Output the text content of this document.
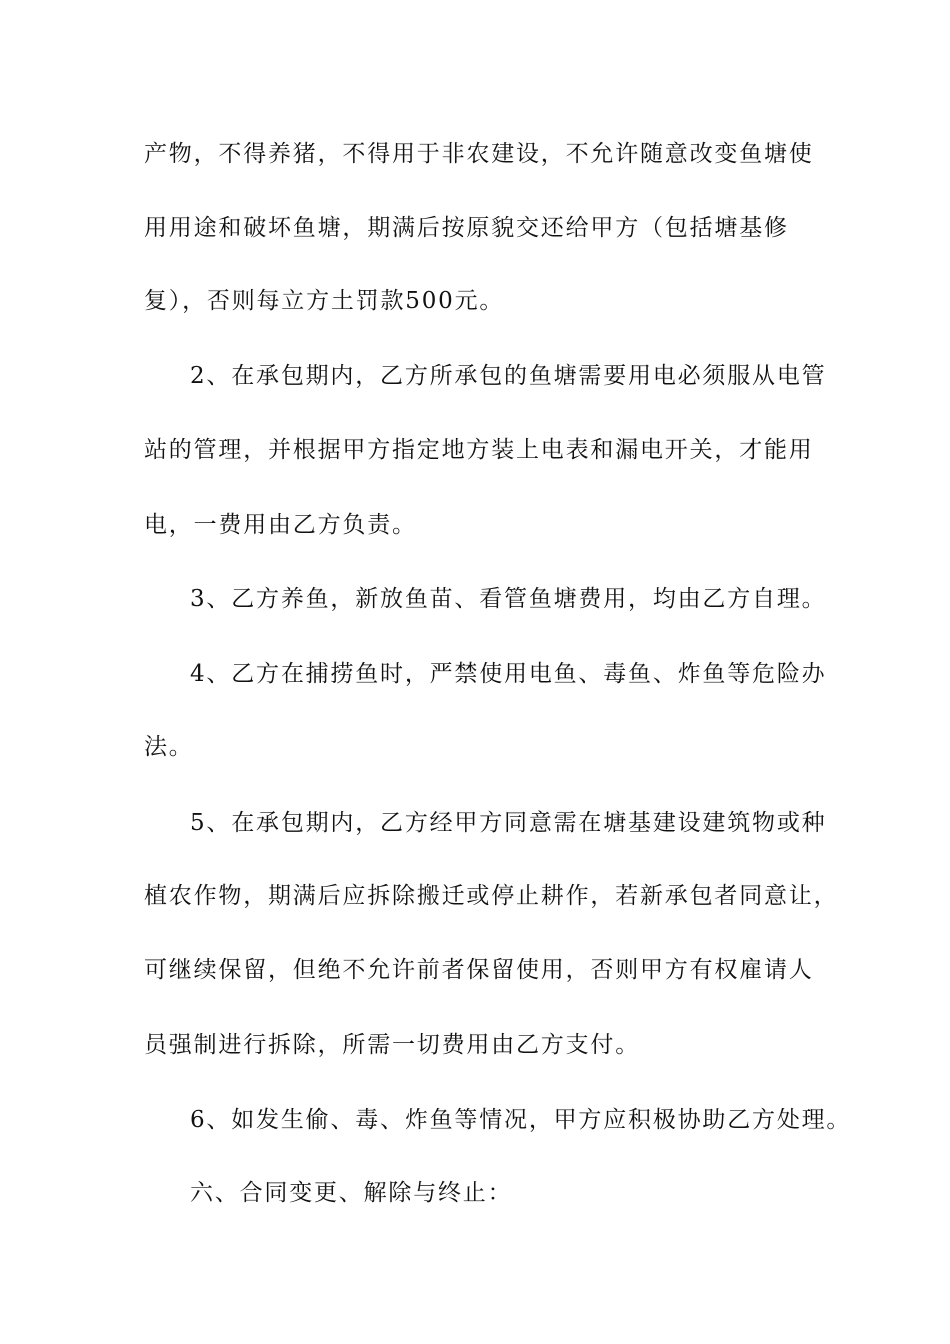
产物，不得养猪，不得用于非农建设，不允许随意改变鱼塘使
用用途和破坏鱼塘，期满后按原貌交还给甲方（包括塘基修
复），否则每立方土罚款500元。
2、在承包期内，乙方所承包的鱼塘需要用电必须服从电管
站的管理，并根据甲方指定地方装上电表和漏电开关，才能用
电，一费用由乙方负责。
3、乙方养鱼，新放鱼苗、看管鱼塘费用，均由乙方自理。
4、乙方在捕捞鱼时，严禁使用电鱼、毒鱼、炸鱼等危险办
法。
5、在承包期内，乙方经甲方同意需在塘基建设建筑物或种
植农作物，期满后应拆除搬迁或停止耕作，若新承包者同意让，
可继续保留，但绝不允许前者保留使用，否则甲方有权雇请人
员强制进行拆除，所需一切费用由乙方支付。
6、如发生偷、毒、炸鱼等情况，甲方应积极协助乙方处理。
六、合同变更、解除与终止：
